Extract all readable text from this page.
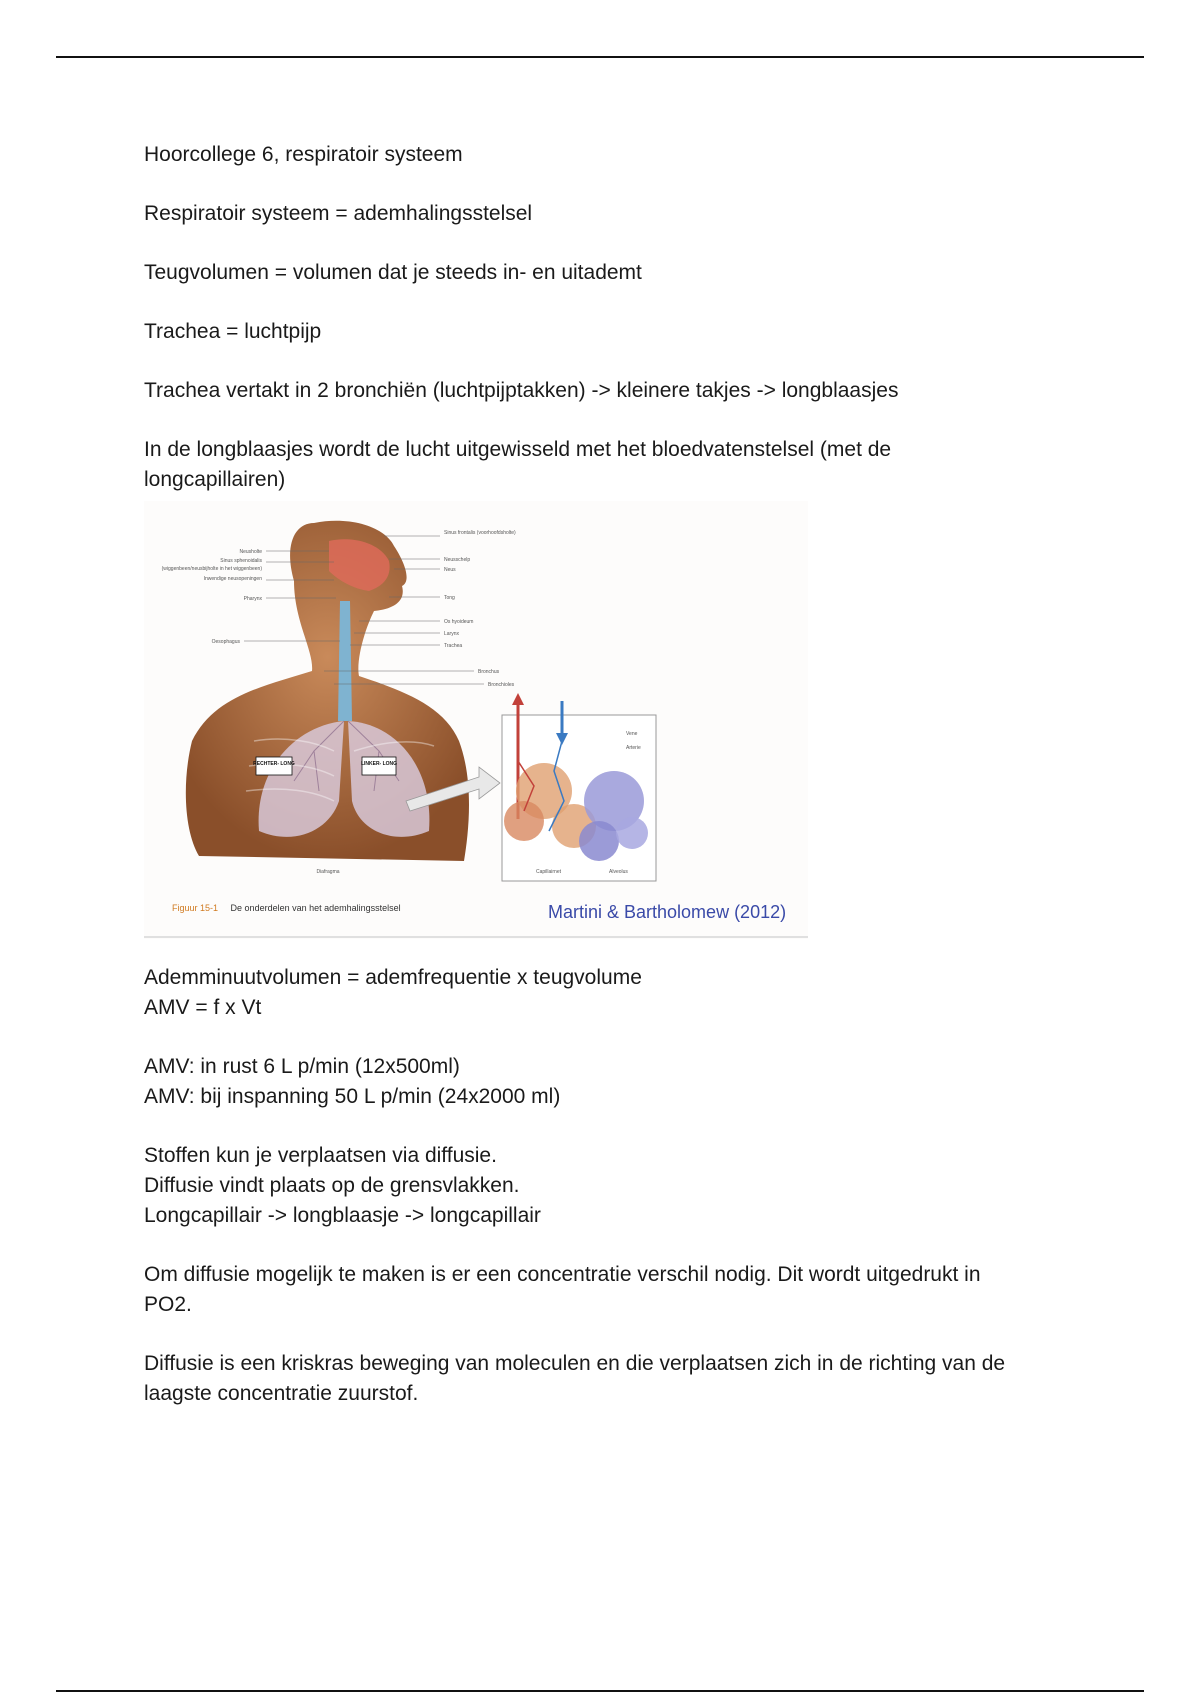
Hoorcollege 6, respiratoir systeem

Respiratoir systeem = ademhalingsstelsel

Teugvolumen = volumen dat je steeds in- en uitademt

Trachea = luchtpijp

Trachea vertakt in 2 bronchiën (luchtpijptakken) -> kleinere takjes -> longblaasjes

In de longblaasjes wordt de lucht uitgewisseld met het bloedvatenstelsel (met de
longcapillairen)

RECHTER- LONG	LINKER- LONG
Neusholte
Sinus sphenoidalis
(wiggenbeen/neusbijholte in het wiggenbeen)
Inwendige neusopeningen
Pharynx
Oesophagus
Sinus frontalis (voorhoofdsholte)
Neusschelp
Neus
Tong
Os hyoideum
Larynx
Trachea
Bronchus
Bronchioles
Diafragma
Vene
Arterie
Capillairnet	Alveolus
Figuur 15-1 De onderdelen van het ademhalingsstelsel	Martini & Bartholomew (2012)

Ademminuutvolumen = ademfrequentie x teugvolume
AMV = f x Vt

AMV: in rust 6 L p/min (12x500ml)
AMV: bij inspanning 50 L p/min (24x2000 ml)

Stoffen kun je verplaatsen via diffusie.
Diffusie vindt plaats op de grensvlakken.
Longcapillair -> longblaasje -> longcapillair

Om diffusie mogelijk te maken is er een concentratie verschil nodig. Dit wordt uitgedrukt in
PO2.

Diffusie is een kriskras beweging van moleculen en die verplaatsen zich in de richting van de
laagste concentratie zuurstof.
